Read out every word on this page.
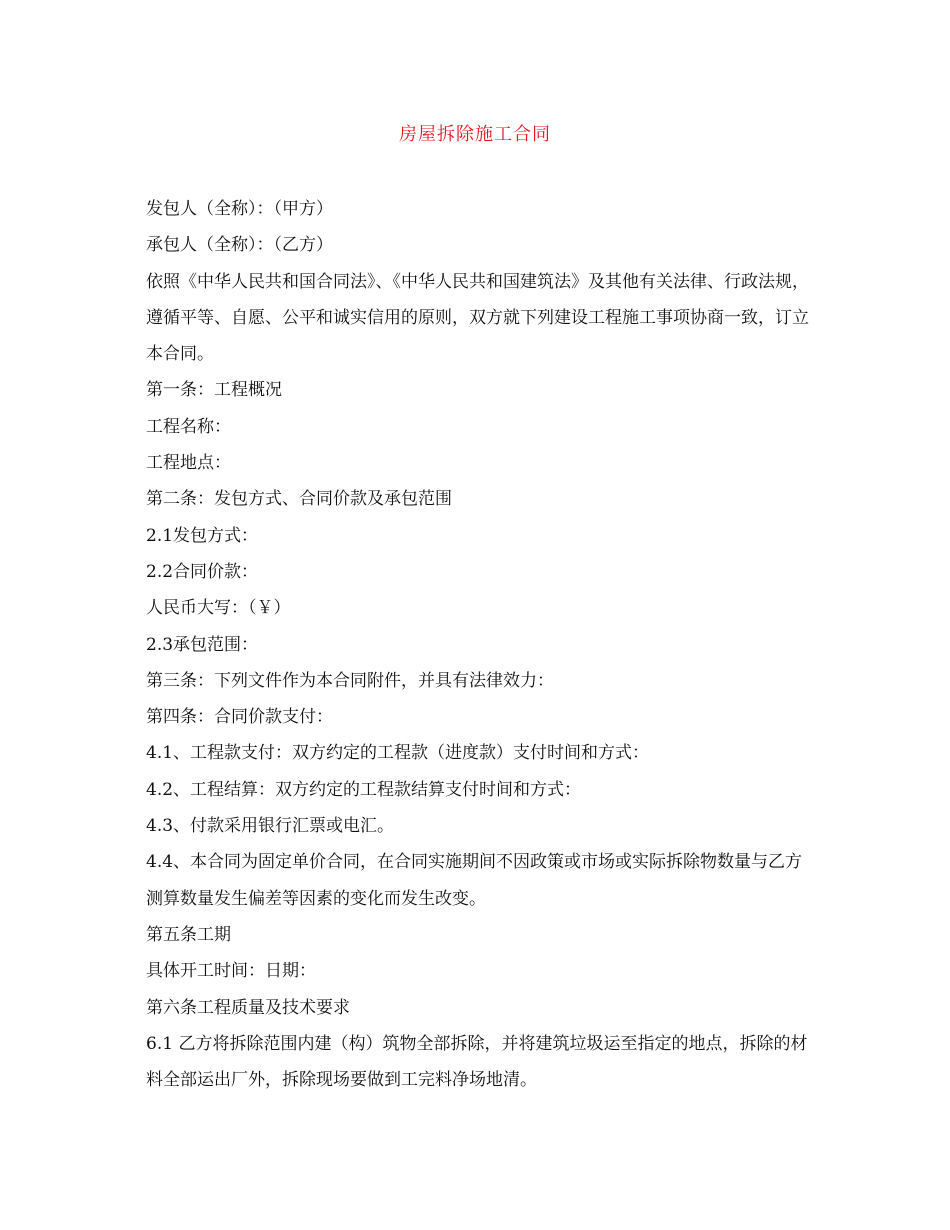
房屋拆除施工合同

发包人（全称）：（甲方）

承包人（全称）：（乙方）

依照《中华人民共和国合同法》、《中华人民共和国建筑法》及其他有关法律、行政法规，遵循平等、自愿、公平和诚实信用的原则，双方就下列建设工程施工事项协商一致，订立本合同。

第一条：工程概况

工程名称：

工程地点：

第二条：发包方式、合同价款及承包范围

2.1发包方式：

2.2合同价款：

人民币大写：（￥）

2.3承包范围：

第三条：下列文件作为本合同附件，并具有法律效力：

第四条：合同价款支付：

4.1、工程款支付：双方约定的工程款（进度款）支付时间和方式：

4.2、工程结算：双方约定的工程款结算支付时间和方式：

4.3、付款采用银行汇票或电汇。

4.4、本合同为固定单价合同，在合同实施期间不因政策或市场或实际拆除物数量与乙方测算数量发生偏差等因素的变化而发生改变。

第五条工期

具体开工时间：日期：

第六条工程质量及技术要求

6.1 乙方将拆除范围内建（构）筑物全部拆除，并将建筑垃圾运至指定的地点，拆除的材料全部运出厂外，拆除现场要做到工完料净场地清。
